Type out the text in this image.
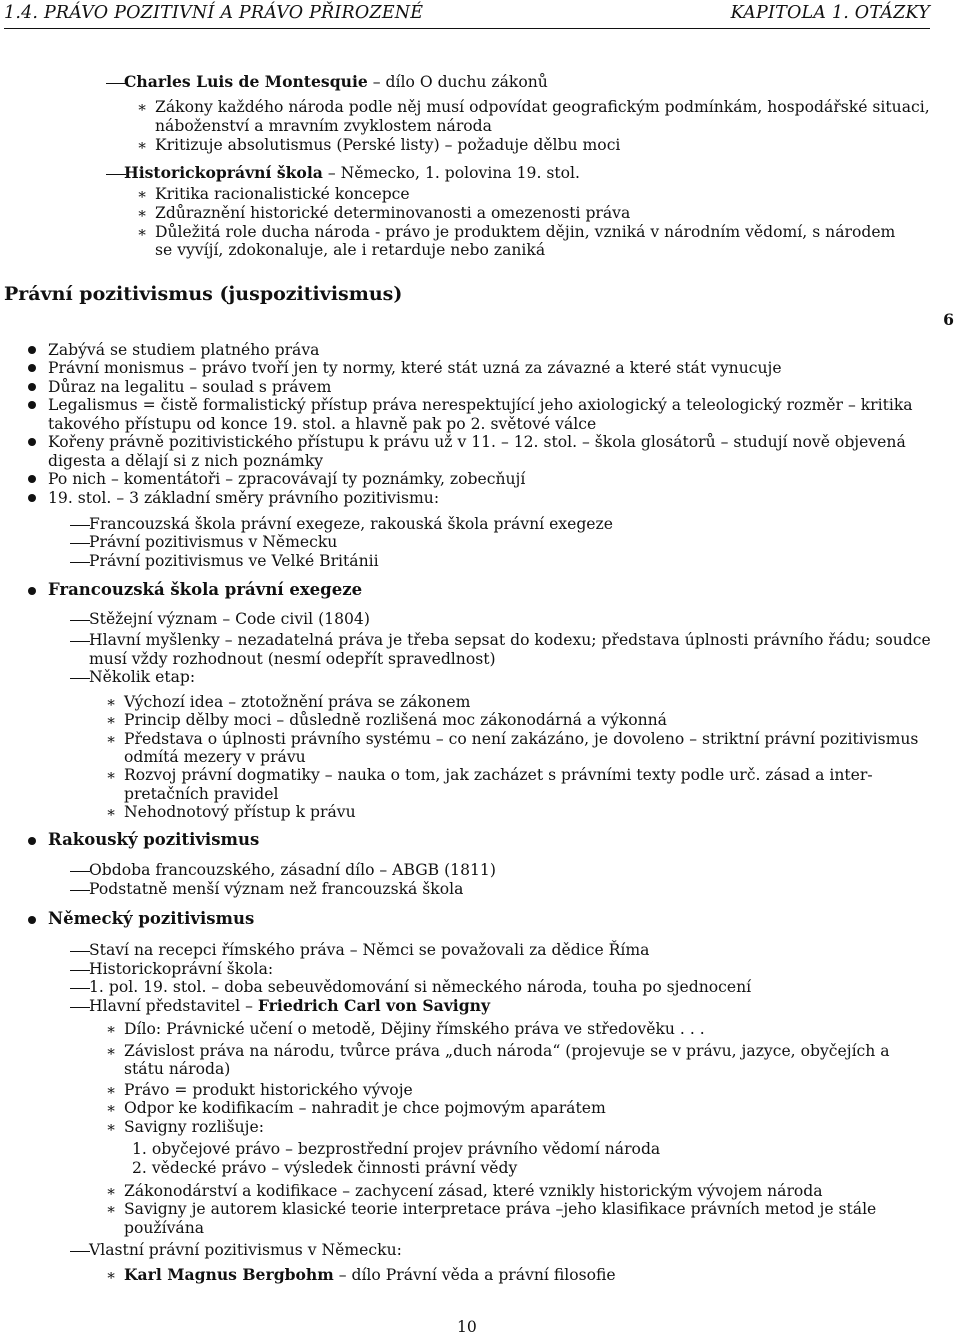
1.4. PRÁVO POZITIVNÍ A PRÁVO PŘIROZENÉ	KAPITOLA 1. OTÁZKY
Charles Luis de Montesquie – dílo O duchu zákonů
∗ Zákony každého národa podle něj musí odpovídat geografickým podmínkám, hospodářské situaci,
náboženství a mravním zvyklostem národa
∗ Kritizuje absolutismus (Perské listy) – požaduje dělbu moci
Historickoprávní škola – Německo, 1. polovina 19. stol.
∗ Kritika racionalistické koncepce
∗ Zdůraznění historické determinovanosti a omezenosti práva
∗ Důležitá role ducha národa - právo je produktem dějin, vzniká v národním vědomí, s národem
se vyvíjí, zdokonaluje, ale i retarduje nebo zaniká
Právní pozitivismus (juspozitivismus)
6
Zabývá se studiem platného práva
Právní monismus – právo tvoří jen ty normy, které stát uzná za závazné a které stát vynucuje
Důraz na legalitu – soulad s právem
Legalismus = čistě formalistický přístup práva nerespektující jeho axiologický a teleologický rozměr – kritika
takového přístupu od konce 19. stol. a hlavně pak po 2. světové válce
Kořeny právně pozitivistického přístupu k právu už v 11. – 12. stol. – škola glosátorů – studují nově objevená
digesta a dělají si z nich poznámky
Po nich – komentátoři – zpracovávají ty poznámky, zobecňují
19. stol. – 3 základní směry právního pozitivismu:
Francouzská škola právní exegeze, rakouská škola právní exegeze
Právní pozitivismus v Německu
Právní pozitivismus ve Velké Británii
Francouzská škola právní exegeze
Stěžejní význam – Code civil (1804)
Hlavní myšlenky – nezadatelná práva je třeba sepsat do kodexu; představa úplnosti právního řádu; soudce
musí vždy rozhodnout (nesmí odepřít spravedlnost)
Několik etap:
∗ Výchozí idea – ztotožnění práva se zákonem
∗ Princip dělby moci – důsledně rozlišená moc zákonodárná a výkonná
∗ Představa o úplnosti právního systému – co není zakázáno, je dovoleno – striktní právní pozitivismus
odmítá mezery v právu
∗ Rozvoj právní dogmatiky – nauka o tom, jak zacházet s právními texty podle urč. zásad a inter-
pretačních pravidel
∗ Nehodnotový přístup k právu
Rakouský pozitivismus
Obdoba francouzského, zásadní dílo – ABGB (1811)
Podstatně menší význam než francouzská škola
Německý pozitivismus
Staví na recepci římského práva – Němci se považovali za dědice Říma
Historickoprávní škola:
1. pol. 19. stol. – doba sebeuvědomování si německého národa, touha po sjednocení
Hlavní představitel – Friedrich Carl von Savigny
∗ Dílo: Právnické učení o metodě, Dějiny římského práva ve středověku . . .
∗ Závislost práva na národu, tvůrce práva „duch národa“ (projevuje se v právu, jazyce, obyčejích a
státu národa)
∗ Právo = produkt historického vývoje
∗ Odpor ke kodifikacím – nahradit je chce pojmovým aparátem
∗ Savigny rozlišuje:
1. obyčejové právo – bezprostřední projev právního vědomí národa
2. vědecké právo – výsledek činnosti právní vědy
∗ Zákonodárství a kodifikace – zachycení zásad, které vznikly historickým vývojem národa
∗ Savigny je autorem klasické teorie interpretace práva –jeho klasifikace právních metod je stále
používána
Vlastní právní pozitivismus v Německu:
∗ Karl Magnus Bergbohm – dílo Právní věda a právní filosofie
10
